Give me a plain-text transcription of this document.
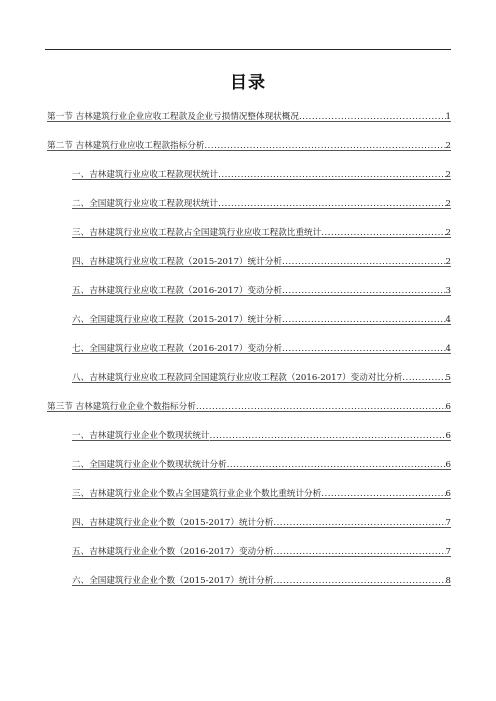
目录
第一节 吉林建筑行业企业应收工程款及企业亏损情况整体现状概况 .....	1
第二节 吉林建筑行业应收工程款指标分析 .....	2
一、吉林建筑行业应收工程款现状统计 .....	2
二、全国建筑行业应收工程款现状统计 .....	2
三、吉林建筑行业应收工程款占全国建筑行业应收工程款比重统计 .....	2
四、吉林建筑行业应收工程款（2015-2017）统计分析 .....	2
五、吉林建筑行业应收工程款（2016-2017）变动分析 .....	3
六、全国建筑行业应收工程款（2015-2017）统计分析 .....	4
七、全国建筑行业应收工程款（2016-2017）变动分析 .....	4
八、吉林建筑行业应收工程款同全国建筑行业应收工程款（2016-2017）变动对比分析 .....	5
第三节 吉林建筑行业企业个数指标分析 .....	6
一、吉林建筑行业企业个数现状统计 .....	6
二、全国建筑行业企业个数现状统计分析 .....	6
三、吉林建筑行业企业个数占全国建筑行业企业个数比重统计分析 .....	6
四、吉林建筑行业企业个数（2015-2017）统计分析 .....	7
五、吉林建筑行业企业个数（2016-2017）变动分析 .....	7
六、全国建筑行业企业个数（2015-2017）统计分析 .....	8
